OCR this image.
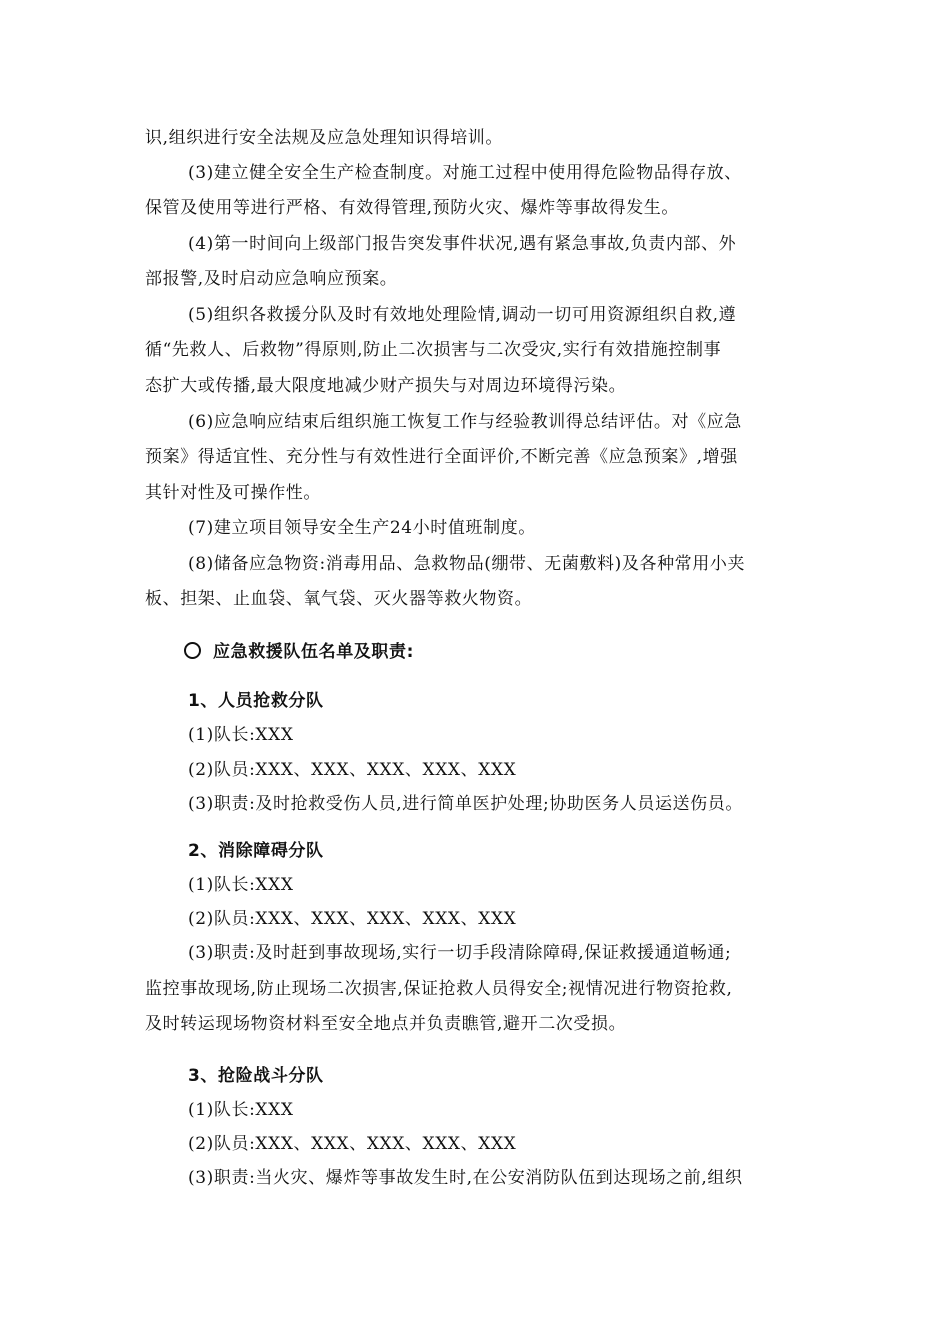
识,组织进行安全法规及应急处理知识得培训。
(3)建立健全安全生产检查制度。对施工过程中使用得危险物品得存放、
保管及使用等进行严格、有效得管理,预防火灾、爆炸等事故得发生。
(4)第一时间向上级部门报告突发事件状况,遇有紧急事故,负责内部、外
部报警,及时启动应急响应预案。
(5)组织各救援分队及时有效地处理险情,调动一切可用资源组织自救,遵
循“先救人、后救物”得原则,防止二次损害与二次受灾,实行有效措施控制事
态扩大或传播,最大限度地减少财产损失与对周边环境得污染。
(6)应急响应结束后组织施工恢复工作与经验教训得总结评估。对《应急
预案》得适宜性、充分性与有效性进行全面评价,不断完善《应急预案》,增强
其针对性及可操作性。
(7)建立项目领导安全生产24小时值班制度。
(8)储备应急物资:消毒用品、急救物品(绷带、无菌敷料)及各种常用小夹
板、担架、止血袋、氧气袋、灭火器等救火物资。
应急救援队伍名单及职责:
1、人员抢救分队
(1)队长:XXX
(2)队员:XXX、XXX、XXX、XXX、XXX
(3)职责:及时抢救受伤人员,进行简单医护处理;协助医务人员运送伤员。
2、消除障碍分队
(1)队长:XXX
(2)队员:XXX、XXX、XXX、XXX、XXX
(3)职责:及时赶到事故现场,实行一切手段清除障碍,保证救援通道畅通;
监控事故现场,防止现场二次损害,保证抢救人员得安全;视情况进行物资抢救,
及时转运现场物资材料至安全地点并负责瞧管,避开二次受损。
3、抢险战斗分队
(1)队长:XXX
(2)队员:XXX、XXX、XXX、XXX、XXX
(3)职责:当火灾、爆炸等事故发生时,在公安消防队伍到达现场之前,组织
